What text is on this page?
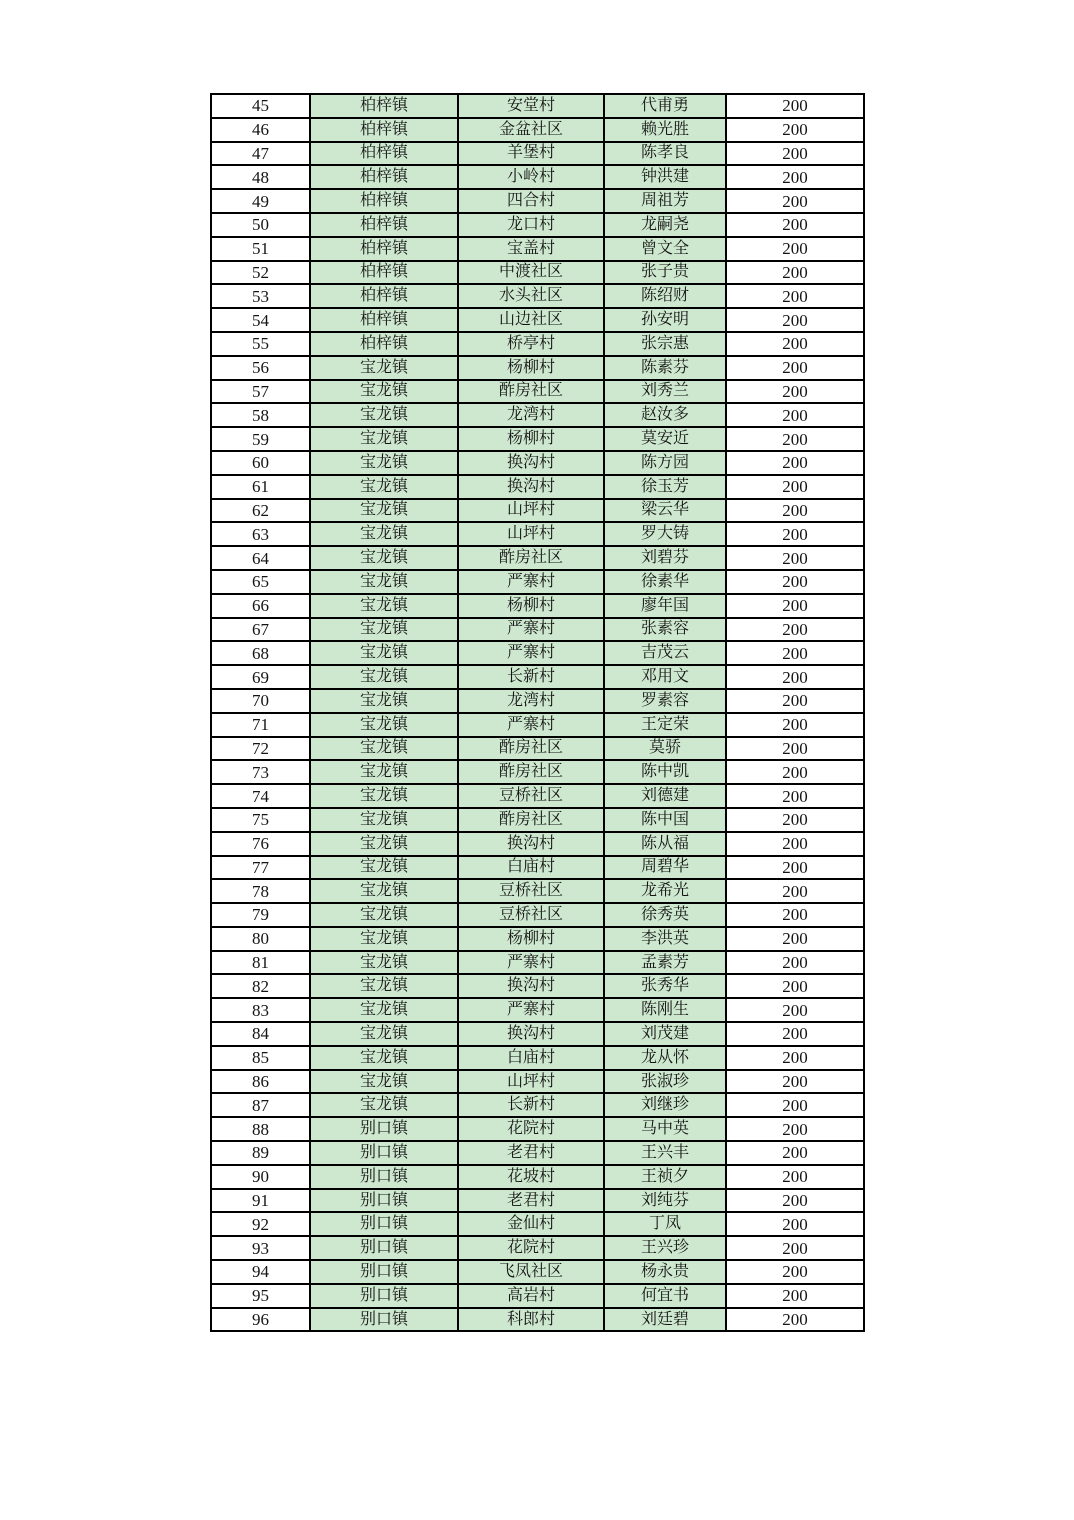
45	柏梓镇	安堂村	代甫勇	200
46	柏梓镇	金盆社区	赖光胜	200
47	柏梓镇	羊堡村	陈孝良	200
48	柏梓镇	小岭村	钟洪建	200
49	柏梓镇	四合村	周祖芳	200
50	柏梓镇	龙口村	龙嗣尧	200
51	柏梓镇	宝盖村	曾文全	200
52	柏梓镇	中渡社区	张子贵	200
53	柏梓镇	水头社区	陈绍财	200
54	柏梓镇	山边社区	孙安明	200
55	柏梓镇	桥亭村	张宗惠	200
56	宝龙镇	杨柳村	陈素芬	200
57	宝龙镇	酢房社区	刘秀兰	200
58	宝龙镇	龙湾村	赵汝多	200
59	宝龙镇	杨柳村	莫安近	200
60	宝龙镇	换沟村	陈方园	200
61	宝龙镇	换沟村	徐玉芳	200
62	宝龙镇	山坪村	梁云华	200
63	宝龙镇	山坪村	罗大铸	200
64	宝龙镇	酢房社区	刘碧芬	200
65	宝龙镇	严寨村	徐素华	200
66	宝龙镇	杨柳村	廖年国	200
67	宝龙镇	严寨村	张素容	200
68	宝龙镇	严寨村	吉茂云	200
69	宝龙镇	长新村	邓用文	200
70	宝龙镇	龙湾村	罗素容	200
71	宝龙镇	严寨村	王定荣	200
72	宝龙镇	酢房社区	莫骄	200
73	宝龙镇	酢房社区	陈中凯	200
74	宝龙镇	豆桥社区	刘德建	200
75	宝龙镇	酢房社区	陈中国	200
76	宝龙镇	换沟村	陈从福	200
77	宝龙镇	白庙村	周碧华	200
78	宝龙镇	豆桥社区	龙希光	200
79	宝龙镇	豆桥社区	徐秀英	200
80	宝龙镇	杨柳村	李洪英	200
81	宝龙镇	严寨村	孟素芳	200
82	宝龙镇	换沟村	张秀华	200
83	宝龙镇	严寨村	陈刚生	200
84	宝龙镇	换沟村	刘茂建	200
85	宝龙镇	白庙村	龙从怀	200
86	宝龙镇	山坪村	张淑珍	200
87	宝龙镇	长新村	刘继珍	200
88	别口镇	花院村	马中英	200
89	别口镇	老君村	王兴丰	200
90	别口镇	花坡村	王祯夕	200
91	别口镇	老君村	刘纯芬	200
92	别口镇	金仙村	丁凤	200
93	别口镇	花院村	王兴珍	200
94	别口镇	飞凤社区	杨永贵	200
95	别口镇	高岩村	何宜书	200
96	别口镇	科郎村	刘廷碧	200
